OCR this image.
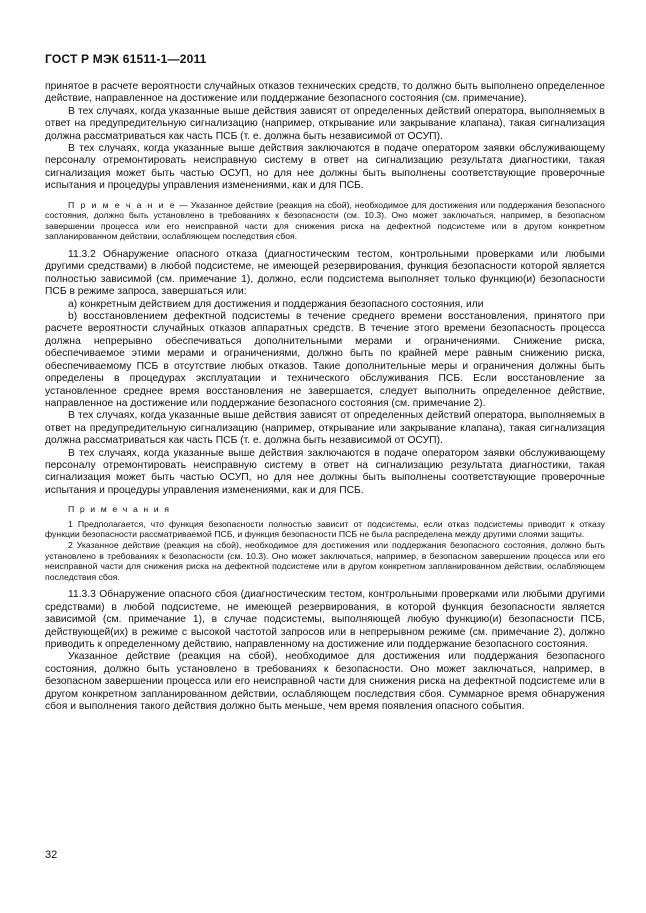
ГОСТ Р МЭК 61511-1—2011

принятое в расчете вероятности случайных отказов технических средств, то должно быть выполнено определенное действие, направленное на достижение или поддержание безопасного состояния (см. примечание).

В тех случаях, когда указанные выше действия зависят от определенных действий оператора, выполняемых в ответ на предупредительную сигнализацию (например, открывание или закрывание клапана), такая сигнализация должна рассматриваться как часть ПСБ (т. е. должна быть независимой от ОСУП).

В тех случаях, когда указанные выше действия заключаются в подаче оператором заявки обслуживающему персоналу отремонтировать неисправную систему в ответ на сигнализацию результата диагностики, такая сигнализация может быть частью ОСУП, но для нее должны быть выполнены соответствующие проверочные испытания и процедуры управления изменениями, как и для ПСБ.

П р и м е ч а н и е — Указанное действие (реакция на сбой), необходимое для достижения или поддержания безопасного состояния, должно быть установлено в требованиях к безопасности (см. 10.3). Оно может заключаться, например, в безопасном завершении процесса или его неисправной части для снижения риска на дефектной подсистеме или в другом конкретном запланированном действии, ослабляющем последствия сбоя.

11.3.2 Обнаружение опасного отказа (диагностическим тестом, контрольными проверками или любыми другими средствами) в любой подсистеме, не имеющей резервирования, функция безопасности которой является полностью зависимой (см. примечание 1), должно, если подсистема выполняет только функцию(и) безопасности ПСБ в режиме запроса, завершаться или:

a) конкретным действием для достижения и поддержания безопасного состояния, или

b) восстановлением дефектной подсистемы в течение среднего времени восстановления, принятого при расчете вероятности случайных отказов аппаратных средств. В течение этого времени безопасность процесса должна непрерывно обеспечиваться дополнительными мерами и ограничениями. Снижение риска, обеспечиваемое этими мерами и ограничениями, должно быть по крайней мере равным снижению риска, обеспечиваемому ПСБ в отсутствие любых отказов. Такие дополнительные меры и ограничения должны быть определены в процедурах эксплуатации и технического обслуживания ПСБ. Если восстановление за установленное среднее время восстановления не завершается, следует выполнить определенное действие, направленное на достижение или поддержание безопасного состояния (см. примечание 2).

В тех случаях, когда указанные выше действия зависят от определенных действий оператора, выполняемых в ответ на предупредительную сигнализацию (например, открывание или закрывание клапана), такая сигнализация должна рассматриваться как часть ПСБ (т. е. должна быть независимой от ОСУП).

В тех случаях, когда указанные выше действия заключаются в подаче оператором заявки обслуживающему персоналу отремонтировать неисправную систему в ответ на сигнализацию результата диагностики, такая сигнализация может быть частью ОСУП, но для нее должны быть выполнены соответствующие проверочные испытания и процедуры управления изменениями, как и для ПСБ.

П р и м е ч а н и я

1 Предполагается, что функция безопасности полностью зависит от подсистемы, если отказ подсистемы приводит к отказу функции безопасности рассматриваемой ПСБ, и функция безопасности ПСБ не была распределена между другими слоями защиты.

2 Указанное действие (реакция на сбой), необходимое для достижения или поддержания безопасного состояния, должно быть установлено в требованиях к безопасности (см. 10.3). Оно может заключаться, например, в безопасном завершении процесса или его неисправной части для снижения риска на дефектной подсистеме или в другом конкретном запланированном действии, ослабляющем последствия сбоя.

11.3.3 Обнаружение опасного сбоя (диагностическим тестом, контрольными проверками или любыми другими средствами) в любой подсистеме, не имеющей резервирования, в которой функция безопасности является зависимой (см. примечание 1), в случае подсистемы, выполняющей любую функцию(и) безопасности ПСБ, действующей(их) в режиме с высокой частотой запросов или в непрерывном режиме (см. примечание 2), должно приводить к определенному действию, направленному на достижение или поддержание безопасного состояния.

Указанное действие (реакция на сбой), необходимое для достижения или поддержания безопасного состояния, должно быть установлено в требованиях к безопасности. Оно может заключаться, например, в безопасном завершении процесса или его неисправной части для снижения риска на дефектной подсистеме или в другом конкретном запланированном действии, ослабляющем последствия сбоя. Суммарное время обнаружения сбоя и выполнения такого действия должно быть меньше, чем время появления опасного события.

32
